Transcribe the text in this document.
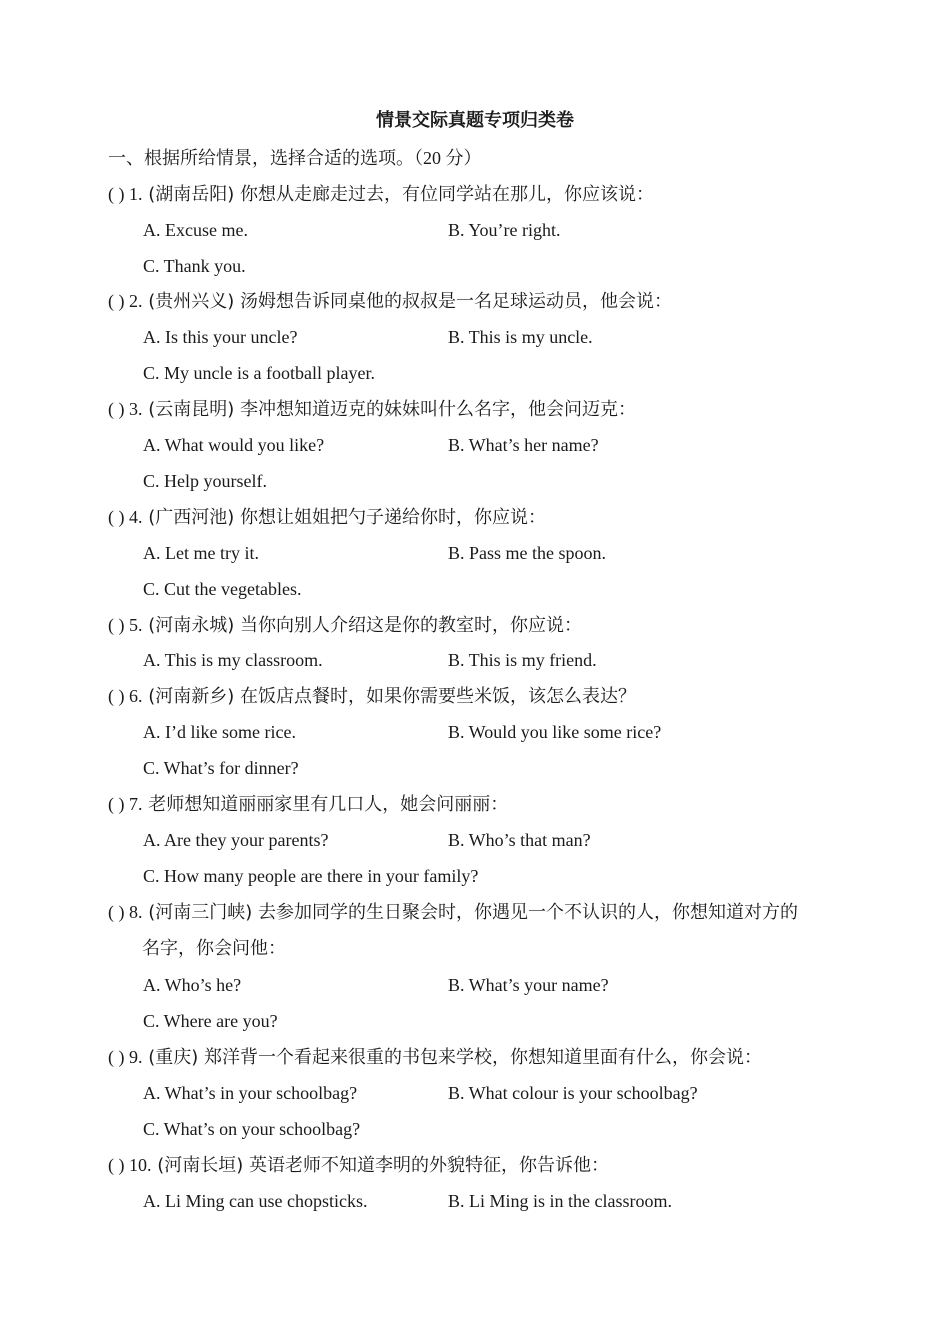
情景交际真题专项归类卷
一、根据所给情景，选择合适的选项。（20 分）
( ) 1. (湖南岳阳) 你想从走廊走过去，有位同学站在那儿，你应该说：
A. Excuse me.	B. You’re right.
C. Thank you.
( ) 2. (贵州兴义) 汤姆想告诉同桌他的叔叔是一名足球运动员，他会说：
A. Is this your uncle?	B. This is my uncle.
C. My uncle is a football player.
( ) 3. (云南昆明) 李冲想知道迈克的妹妹叫什么名字，他会问迈克：
A. What would you like?	B. What’s her name?
C. Help yourself.
( ) 4. (广西河池) 你想让姐姐把勺子递给你时，你应说：
A. Let me try it.	B. Pass me the spoon.
C. Cut the vegetables.
( ) 5. (河南永城) 当你向别人介绍这是你的教室时，你应说：
A. This is my classroom.	B. This is my friend.
( ) 6. (河南新乡) 在饭店点餐时，如果你需要些米饭，该怎么表达？
A. I’d like some rice.	B. Would you like some rice?
C. What’s for dinner?
( ) 7. 老师想知道丽丽家里有几口人，她会问丽丽：
A. Are they your parents?	B. Who’s that man?
C. How many people are there in your family?
( ) 8. (河南三门峡) 去参加同学的生日聚会时，你遇见一个不认识的人，你想知道对方的
名字，你会问他：
A. Who’s he?	B. What’s your name?
C. Where are you?
( ) 9. (重庆) 郑洋背一个看起来很重的书包来学校，你想知道里面有什么，你会说：
A. What’s in your schoolbag?	B. What colour is your schoolbag?
C. What’s on your schoolbag?
( ) 10. (河南长垣) 英语老师不知道李明的外貌特征，你告诉他：
A. Li Ming can use chopsticks.	B. Li Ming is in the classroom.
